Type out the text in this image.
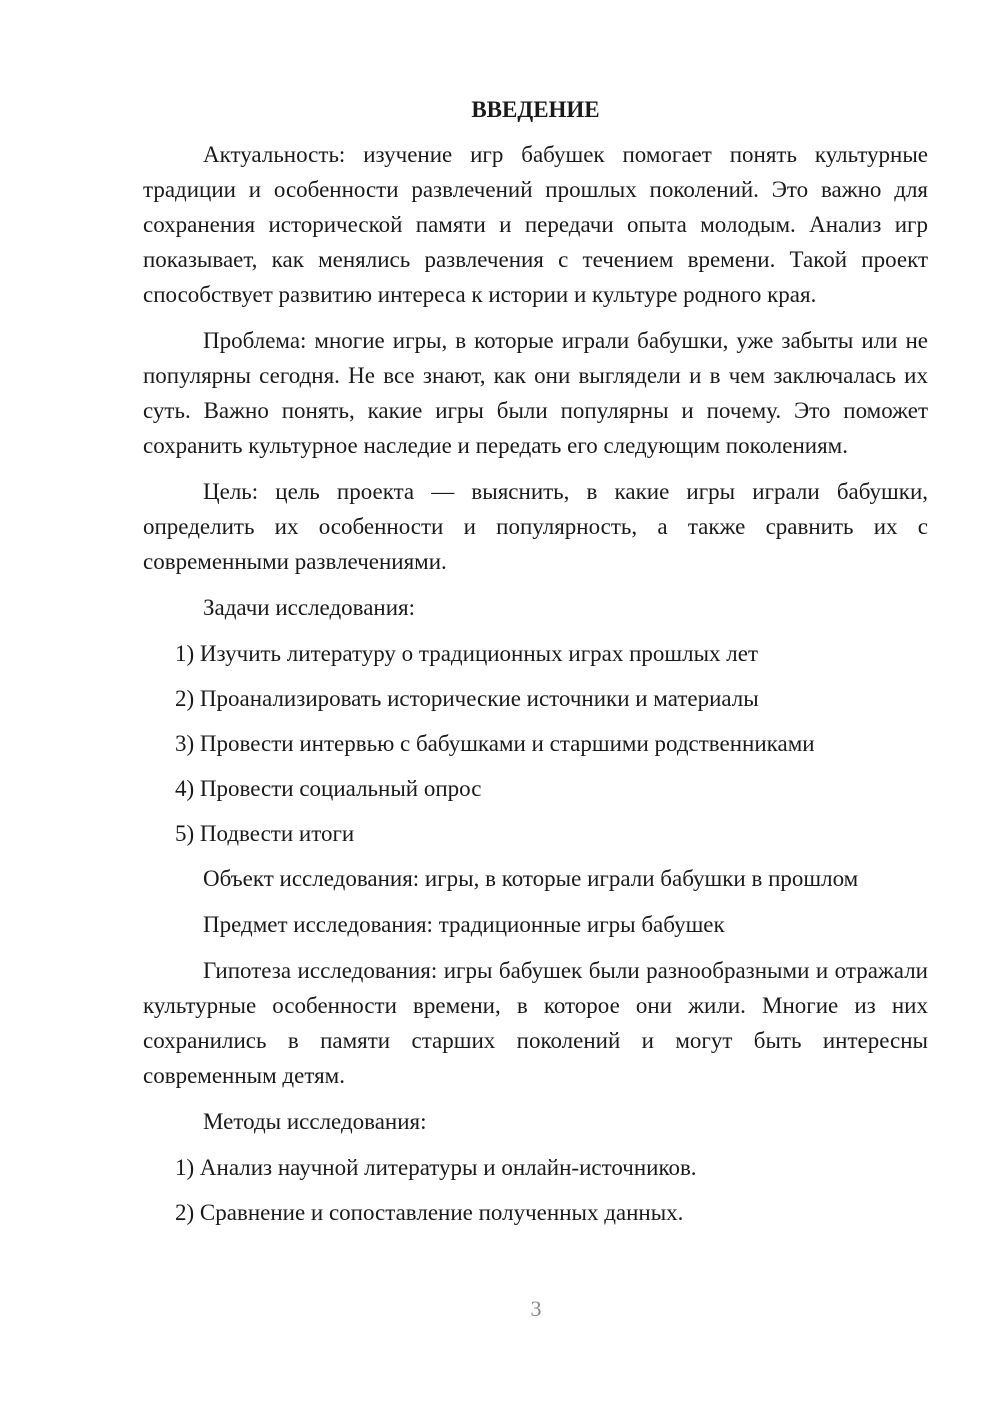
ВВЕДЕНИЕ

Актуальность: изучение игр бабушек помогает понять культурные традиции и особенности развлечений прошлых поколений. Это важно для сохранения исторической памяти и передачи опыта молодым. Анализ игр показывает, как менялись развлечения с течением времени. Такой проект способствует развитию интереса к истории и культуре родного края.

Проблема: многие игры, в которые играли бабушки, уже забыты или не популярны сегодня. Не все знают, как они выглядели и в чем заключалась их суть. Важно понять, какие игры были популярны и почему. Это поможет сохранить культурное наследие и передать его следующим поколениям.

Цель: цель проекта — выяснить, в какие игры играли бабушки, определить их особенности и популярность, а также сравнить их с современными развлечениями.

Задачи исследования:
1) Изучить литературу о традиционных играх прошлых лет
2) Проанализировать исторические источники и материалы
3) Провести интервью с бабушками и старшими родственниками
4) Провести социальный опрос
5) Подвести итоги
Объект исследования: игры, в которые играли бабушки в прошлом
Предмет исследования: традиционные игры бабушек

Гипотеза исследования: игры бабушек были разнообразными и отражали культурные особенности времени, в которое они жили. Многие из них сохранились в памяти старших поколений и могут быть интересны современным детям.

Методы исследования:
1) Анализ научной литературы и онлайн-источников.
2) Сравнение и сопоставление полученных данных.
3
